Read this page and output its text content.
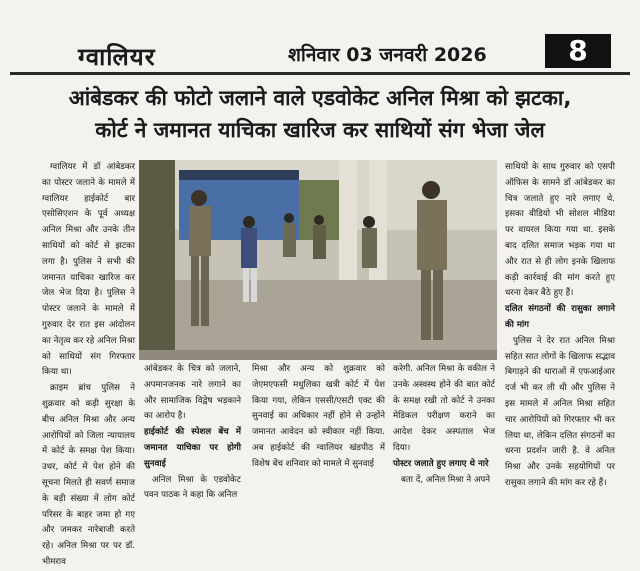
ग्वालियर	शनिवार 03 जनवरी 2026	8
आंबेडकर की फोटो जलाने वाले एडवोकेट अनिल मिश्रा को झटका,
कोर्ट ने जमानत याचिका खारिज कर साथियों संग भेजा जेल

ग्वालियर में डॉ आंबेडकर का पोस्टर जलाने के मामले में ग्वालियर हाईकोर्ट बार एसोसिएशन के पूर्व अध्यक्ष अनिल मिश्रा और उनके तीन साथियों को कोर्ट से झटका लगा है। पुलिस ने सभी की जमानत याचिका खारिज कर जेल भेज दिया है। पुलिस ने पोस्टर जलाने के मामले में गुरुवार देर रात इस आंदोलन का नेतृत्व कर रहे अनिल मिश्रा को साथियों संग गिरफ्तार किया था।

क्राइम ब्रांच पुलिस ने शुक्रवार को कड़ी सुरक्षा के बीच अनिल मिश्रा और अन्य आरोपियों को जिला न्यायालय में कोर्ट के समक्ष पेश किया। उधर, कोर्ट में पेश होने की सूचना मिलते ही सवर्ण समाज के बड़ी संख्या में लोग कोर्ट परिसर के बाहर जमा हो गए और जमकर नारेबाजी करते रहे। अनिल मिश्रा पर पर डॉ. भीमराव

आंबेडकर के चित्र को जलाने, अपमानजनक नारे लगाने का और सामाजिक विद्वेष भड़काने का आरोप है।

हाईकोर्ट की स्पेशल बेंच में जमानत याचिका पर होगी सुनवाई

अनिल मिश्रा के एडवोकेट पवन पाठक ने कहा कि अनिल

मिश्रा और अन्य को शुक्रवार को जेएमएफसी मधुलिका खत्री कोर्ट में पेश किया गया, लेकिन एससी/एसटी एक्ट की सुनवाई का अधिकार नहीं होने से उन्होंने जमानत आवेदन को स्वीकार नहीं किया. अब हाईकोर्ट की ग्वालियर खंडपीठ में विशेष बेंच शनिवार को मामले में सुनवाई

करेगी. अनिल मिश्रा के वकील ने उनके अस्वस्थ होने की बात कोर्ट के समक्ष रखी तो कोर्ट ने उनका मेडिकल परीक्षण कराने का आदेश देकर अस्पताल भेज दिया।

पोस्टर जलाते हुए लगाए थे नारे

बता दें, अनिल मिश्रा ने अपने

साथियों के साथ गुरुवार को एसपी ऑफिस के सामने डॉ आंबेडकर का चित्र जलाते हुए नारे लगाए थे. इसका वीडियो भी सोशल मीडिया पर वायरल किया गया था. इसके बाद दलित समाज भड़क गया था और रात से ही लोग इनके खिलाफ कड़ी कार्रवाई की मांग करते हुए धरना देकर बैठे हुए हैं।

दलित संगठनों की रासुका लगाने की मांग

पुलिस ने देर रात अनिल मिश्रा सहित सात लोगों के खिलाफ सद्भाव बिगाड़ने की धाराओं में एफआईआर दर्ज भी कर ली थी और पुलिस ने इस मामले में अनिल मिश्रा सहित चार आरोपियों को गिरफ्तार भी कर लिया था, लेकिन दलित संगठनों का धरना प्रदर्शन जारी है. वे अनिल मिश्रा और उनके सहयोगियों पर रासुका लगाने की मांग कर रहे हैं।
